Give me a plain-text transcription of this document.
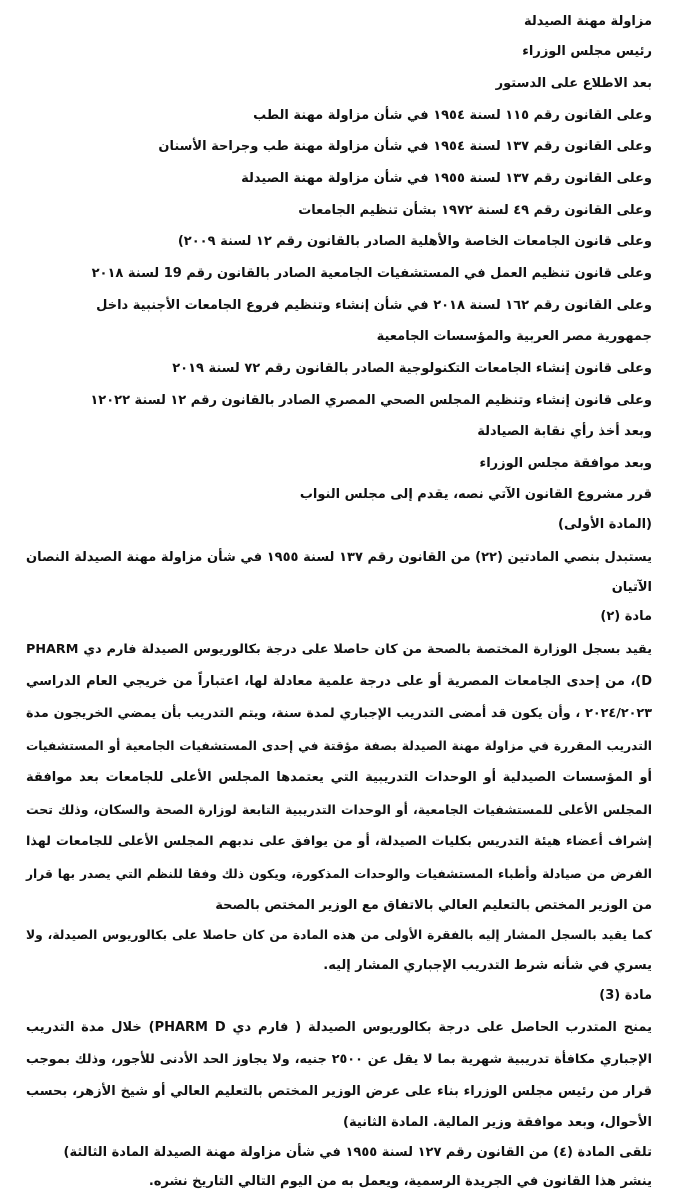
مزاولة مهنة الصيدلة
رئيس مجلس الوزراء
بعد الاطلاع على الدستور
وعلى القانون رقم ١١٥ لسنة ١٩٥٤ في شأن مزاولة مهنة الطب
وعلى القانون رقم ١٣٧ لسنة ١٩٥٤ في شأن مزاولة مهنة طب وجراحة الأسنان
وعلى القانون رقم ١٣٧ لسنة ١٩٥٥ في شأن مزاولة مهنة الصيدلة
وعلى القانون رقم ٤٩ لسنة ١٩٧٢ بشأن تنظيم الجامعات
وعلى قانون الجامعات الخاصة والأهلية الصادر بالقانون رقم ١٢ لسنة ٢٠٠٩)
وعلى قانون تنظيم العمل في المستشفيات الجامعية الصادر بالقانون رقم 19 لسنة ٢٠١٨
وعلى القانون رقم ١٦٢ لسنة ٢٠١٨ في شأن إنشاء وتنظيم فروع الجامعات الأجنبية داخل
جمهورية مصر العربية والمؤسسات الجامعية
وعلى قانون إنشاء الجامعات التكنولوجية الصادر بالقانون رقم ٧٢ لسنة ٢٠١٩
وعلى قانون إنشاء وتنظيم المجلس الصحي المصري الصادر بالقانون رقم ١٢ لسنة ١٢٠٢٢
وبعد أخذ رأي نقابة الصيادلة
وبعد موافقة مجلس الوزراء
قرر مشروع القانون الآتي نصه، يقدم إلى مجلس النواب
(المادة الأولى)
يستبدل بنصي المادتين (٢٢) من القانون رقم ١٣٧ لسنة ١٩٥٥ في شأن مزاولة مهنة الصيدلة النصان
الآتيان
مادة (٢)
يقيد بسجل الوزارة المختصة بالصحة من كان حاصلا على درجة بكالوريوس الصيدلة فارم دي PHARM
D)، من إحدى الجامعات المصرية أو على درجة علمية معادلة لها، اعتباراً من خريجي العام الدراسي
٢٠٢٤/٢٠٢٣ ، وأن يكون قد أمضى التدريب الإجباري لمدة سنة، ويتم التدريب بأن يمضي الخريجون مدة
التدريب المقررة في مزاولة مهنة الصيدلة بصفة مؤقتة في إحدى المستشفيات الجامعية أو المستشفيات
أو المؤسسات الصيدلية أو الوحدات التدريبية التي يعتمدها المجلس الأعلى للجامعات بعد موافقة
المجلس الأعلى للمستشفيات الجامعية، أو الوحدات التدريبية التابعة لوزارة الصحة والسكان، وذلك تحت
إشراف أعضاء هيئة التدريس بكليات الصيدلة، أو من يوافق على ندبهم المجلس الأعلى للجامعات لهذا
الفرض من صيادلة وأطباء المستشفيات والوحدات المذكورة، ويكون ذلك وفقا للنظم التي يصدر بها قرار
من الوزير المختص بالتعليم العالي بالاتفاق مع الوزير المختص بالصحة
كما يقيد بالسجل المشار إليه بالفقرة الأولى من هذه المادة من كان حاصلا على بكالوريوس الصيدلة، ولا
يسري في شأنه شرط التدريب الإجباري المشار إليه.
مادة (3)
يمنح المتدرب الحاصل على درجة بكالوريوس الصيدلة ( فارم دي PHARM D) خلال مدة التدريب
الإجباري مكافأة تدريبية شهرية بما لا يقل عن ٢٥٠٠ جنيه، ولا يجاوز الحد الأدنى للأجور، وذلك بموجب
قرار من رئيس مجلس الوزراء بناء على عرض الوزير المختص بالتعليم العالي أو شيخ الأزهر، بحسب
الأحوال، وبعد موافقة وزير المالية. المادة الثانية)
تلقى المادة (٤) من القانون رقم ١٢٧ لسنة ١٩٥٥ في شأن مزاولة مهنة الصيدلة المادة الثالثة)
ينشر هذا القانون في الجريدة الرسمية، ويعمل به من اليوم التالي التاريخ نشره.
